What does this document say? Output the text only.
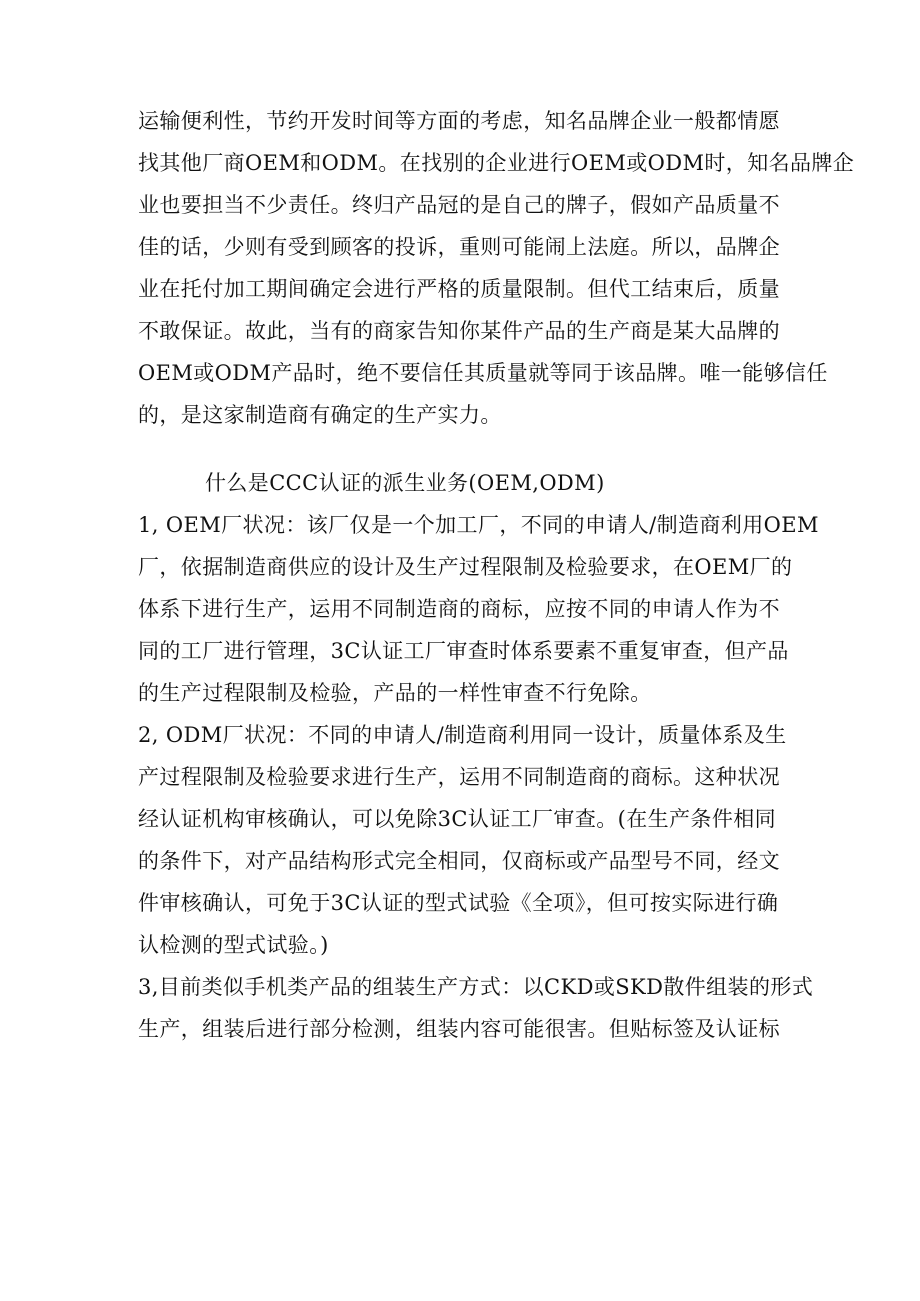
运输便利性，节约开发时间等方面的考虑，知名品牌企业一般都情愿
找其他厂商OEM和ODM。在找别的企业进行OEM或ODM时，知名品牌企
业也要担当不少责任。终归产品冠的是自己的牌子，假如产品质量不
佳的话，少则有受到顾客的投诉，重则可能闹上法庭。所以，品牌企
业在托付加工期间确定会进行严格的质量限制。但代工结束后，质量
不敢保证。故此，当有的商家告知你某件产品的生产商是某大品牌的
OEM或ODM产品时，绝不要信任其质量就等同于该品牌。唯一能够信任
的，是这家制造商有确定的生产实力。
什么是CCC认证的派生业务(OEM,ODM)
1, OEM厂状况：该厂仅是一个加工厂，不同的申请人/制造商利用OEM
厂，依据制造商供应的设计及生产过程限制及检验要求，在OEM厂的
体系下进行生产，运用不同制造商的商标，应按不同的申请人作为不
同的工厂进行管理，3C认证工厂审查时体系要素不重复审查，但产品
的生产过程限制及检验，产品的一样性审查不行免除。
2, ODM厂状况：不同的申请人/制造商利用同一设计，质量体系及生
产过程限制及检验要求进行生产，运用不同制造商的商标。这种状况
经认证机构审核确认，可以免除3C认证工厂审查。(在生产条件相同
的条件下，对产品结构形式完全相同，仅商标或产品型号不同，经文
件审核确认，可免于3C认证的型式试验《全项》，但可按实际进行确
认检测的型式试验。)
3,目前类似手机类产品的组装生产方式：以CKD或SKD散件组装的形式
生产，组装后进行部分检测，组装内容可能很害。但贴标签及认证标
